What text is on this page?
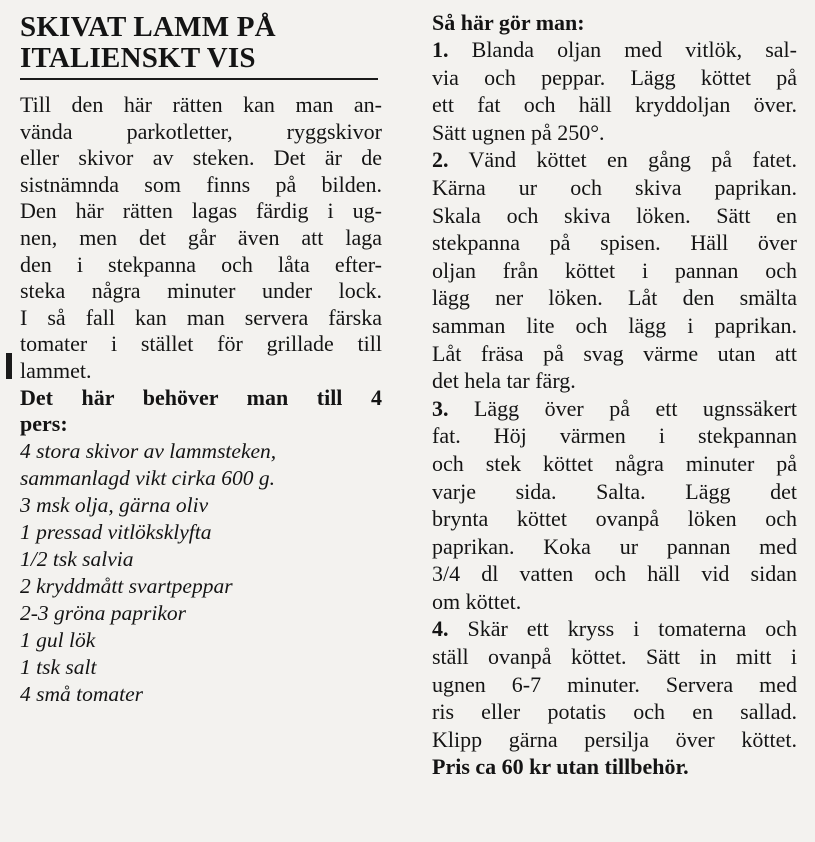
SKIVAT LAMM PÅ
ITALIENSKT VIS
Till den här rätten kan man an-
vända parkotletter, ryggskivor
eller skivor av steken. Det är de
sistnämnda som finns på bilden.
Den här rätten lagas färdig i ug-
nen, men det går även att laga
den i stekpanna och låta efter-
steka några minuter under lock.
I så fall kan man servera färska
tomater i stället för grillade till
lammet.
Det här behöver man till 4
pers:
4 stora skivor av lammsteken,
sammanlagd vikt cirka 600 g.
3 msk olja, gärna oliv
1 pressad vitlöksklyfta
1/2 tsk salvia
2 kryddmått svartpeppar
2-3 gröna paprikor
1 gul lök
1 tsk salt
4 små tomater
Så här gör man:
1. Blanda oljan med vitlök, sal-
via och peppar. Lägg köttet på
ett fat och häll kryddoljan över.
Sätt ugnen på 250°.
2. Vänd köttet en gång på fatet.
Kärna ur och skiva paprikan.
Skala och skiva löken. Sätt en
stekpanna på spisen. Häll över
oljan från köttet i pannan och
lägg ner löken. Låt den smälta
samman lite och lägg i paprikan.
Låt fräsa på svag värme utan att
det hela tar färg.
3. Lägg över på ett ugnssäkert
fat. Höj värmen i stekpannan
och stek köttet några minuter på
varje sida. Salta. Lägg det
brynta köttet ovanpå löken och
paprikan. Koka ur pannan med
3/4 dl vatten och häll vid sidan
om köttet.
4. Skär ett kryss i tomaterna och
ställ ovanpå köttet. Sätt in mitt i
ugnen 6-7 minuter. Servera med
ris eller potatis och en sallad.
Klipp gärna persilja över köttet.
Pris ca 60 kr utan tillbehör.
